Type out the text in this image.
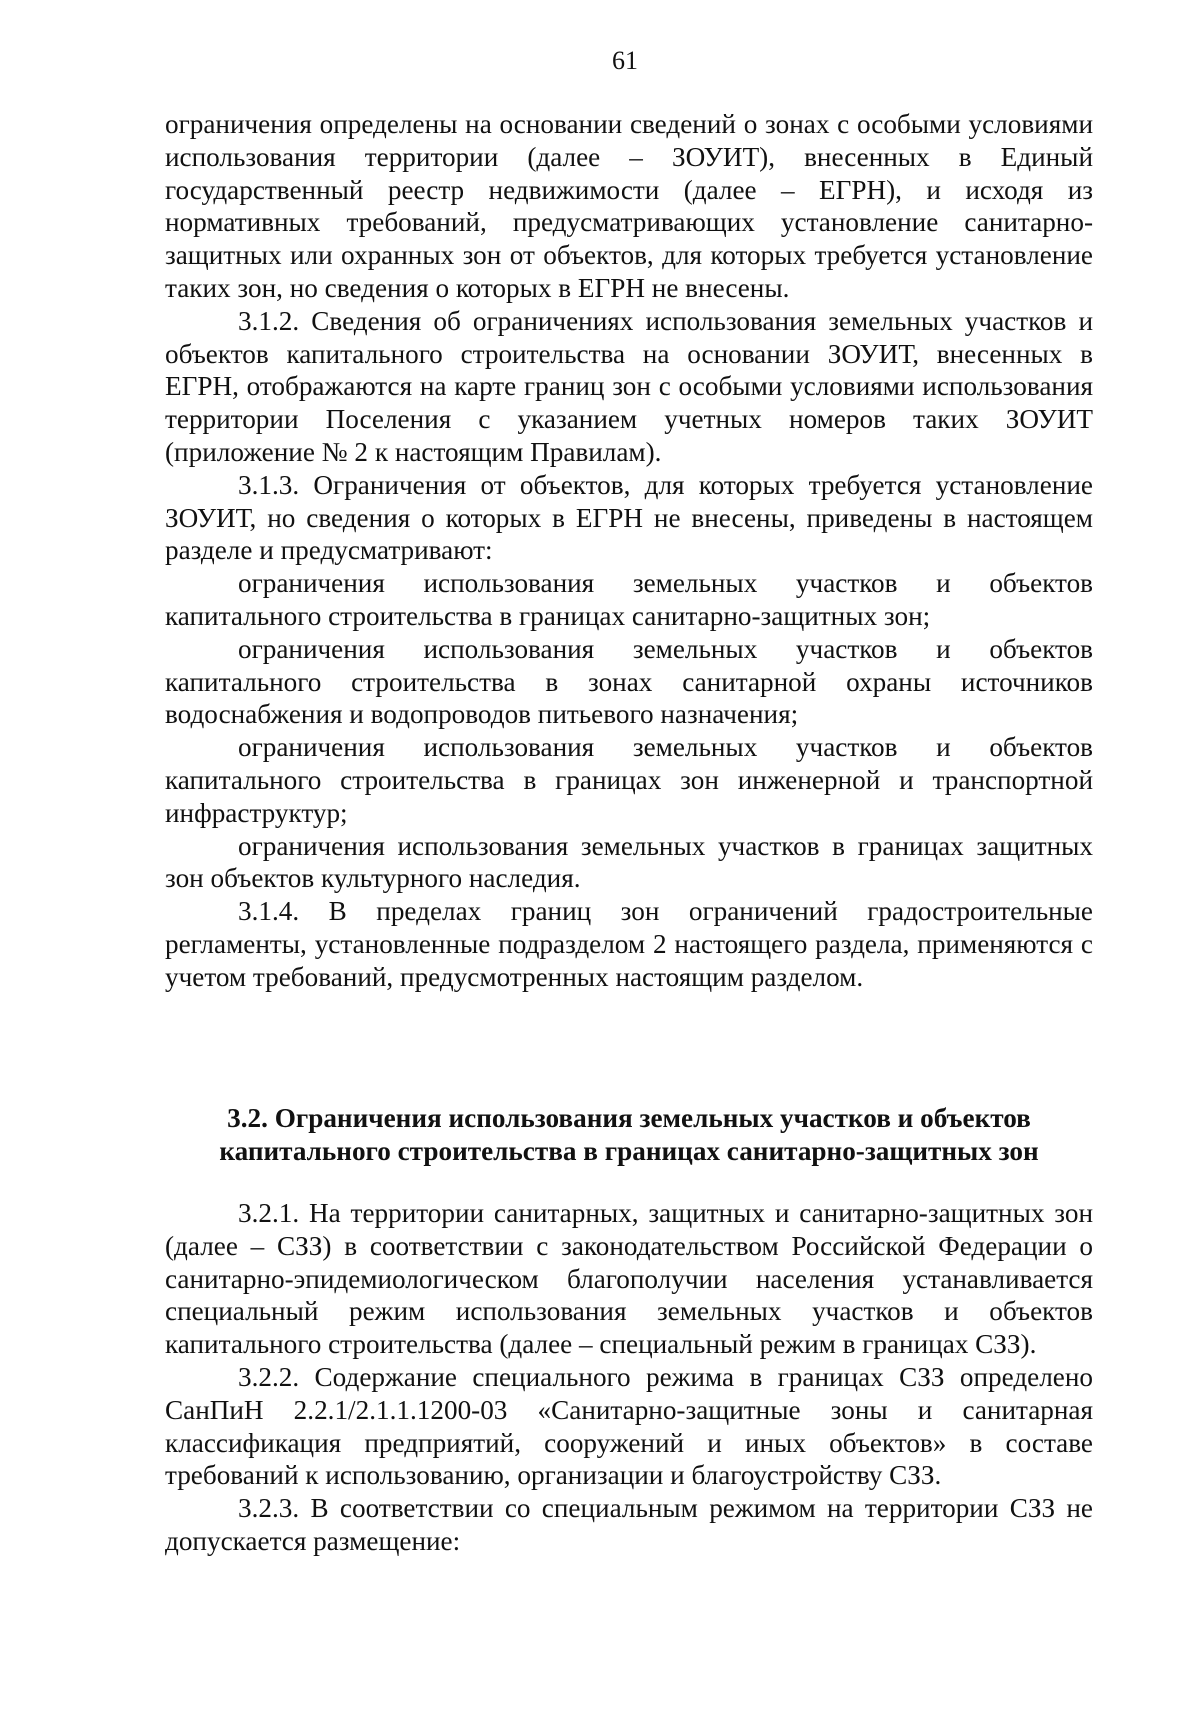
61

ограничения определены на основании сведений о зонах с особыми условиями использования территории (далее – ЗОУИТ), внесенных в Единый государственный реестр недвижимости (далее – ЕГРН), и исходя из нормативных требований, предусматривающих установление санитарно-защитных или охранных зон от объектов, для которых требуется установление таких зон, но сведения о которых в ЕГРН не внесены.

3.1.2. Сведения об ограничениях использования земельных участков и объектов капитального строительства на основании ЗОУИТ, внесенных в ЕГРН, отображаются на карте границ зон с особыми условиями использования территории Поселения с указанием учетных номеров таких ЗОУИТ (приложение № 2 к настоящим Правилам).

3.1.3. Ограничения от объектов, для которых требуется установление ЗОУИТ, но сведения о которых в ЕГРН не внесены, приведены в настоящем разделе и предусматривают:

ограничения использования земельных участков и объектов капитального строительства в границах санитарно-защитных зон;

ограничения использования земельных участков и объектов капитального строительства в зонах санитарной охраны источников водоснабжения и водопроводов питьевого назначения;

ограничения использования земельных участков и объектов капитального строительства в границах зон инженерной и транспортной инфраструктур;

ограничения использования земельных участков в границах защитных зон объектов культурного наследия.

3.1.4. В пределах границ зон ограничений градостроительные регламенты, установленные подразделом 2 настоящего раздела, применяются с учетом требований, предусмотренных настоящим разделом.

3.2. Ограничения использования земельных участков и объектов
капитального строительства в границах санитарно-защитных зон

3.2.1. На территории санитарных, защитных и санитарно-защитных зон (далее – СЗЗ) в соответствии с законодательством Российской Федерации о санитарно-эпидемиологическом благополучии населения устанавливается специальный режим использования земельных участков и объектов капитального строительства (далее – специальный режим в границах СЗЗ).

3.2.2. Содержание специального режима в границах СЗЗ определено СанПиН 2.2.1/2.1.1.1200-03 «Санитарно-защитные зоны и санитарная классификация предприятий, сооружений и иных объектов» в составе требований к использованию, организации и благоустройству СЗЗ.

3.2.3. В соответствии со специальным режимом на территории СЗЗ не допускается размещение:
